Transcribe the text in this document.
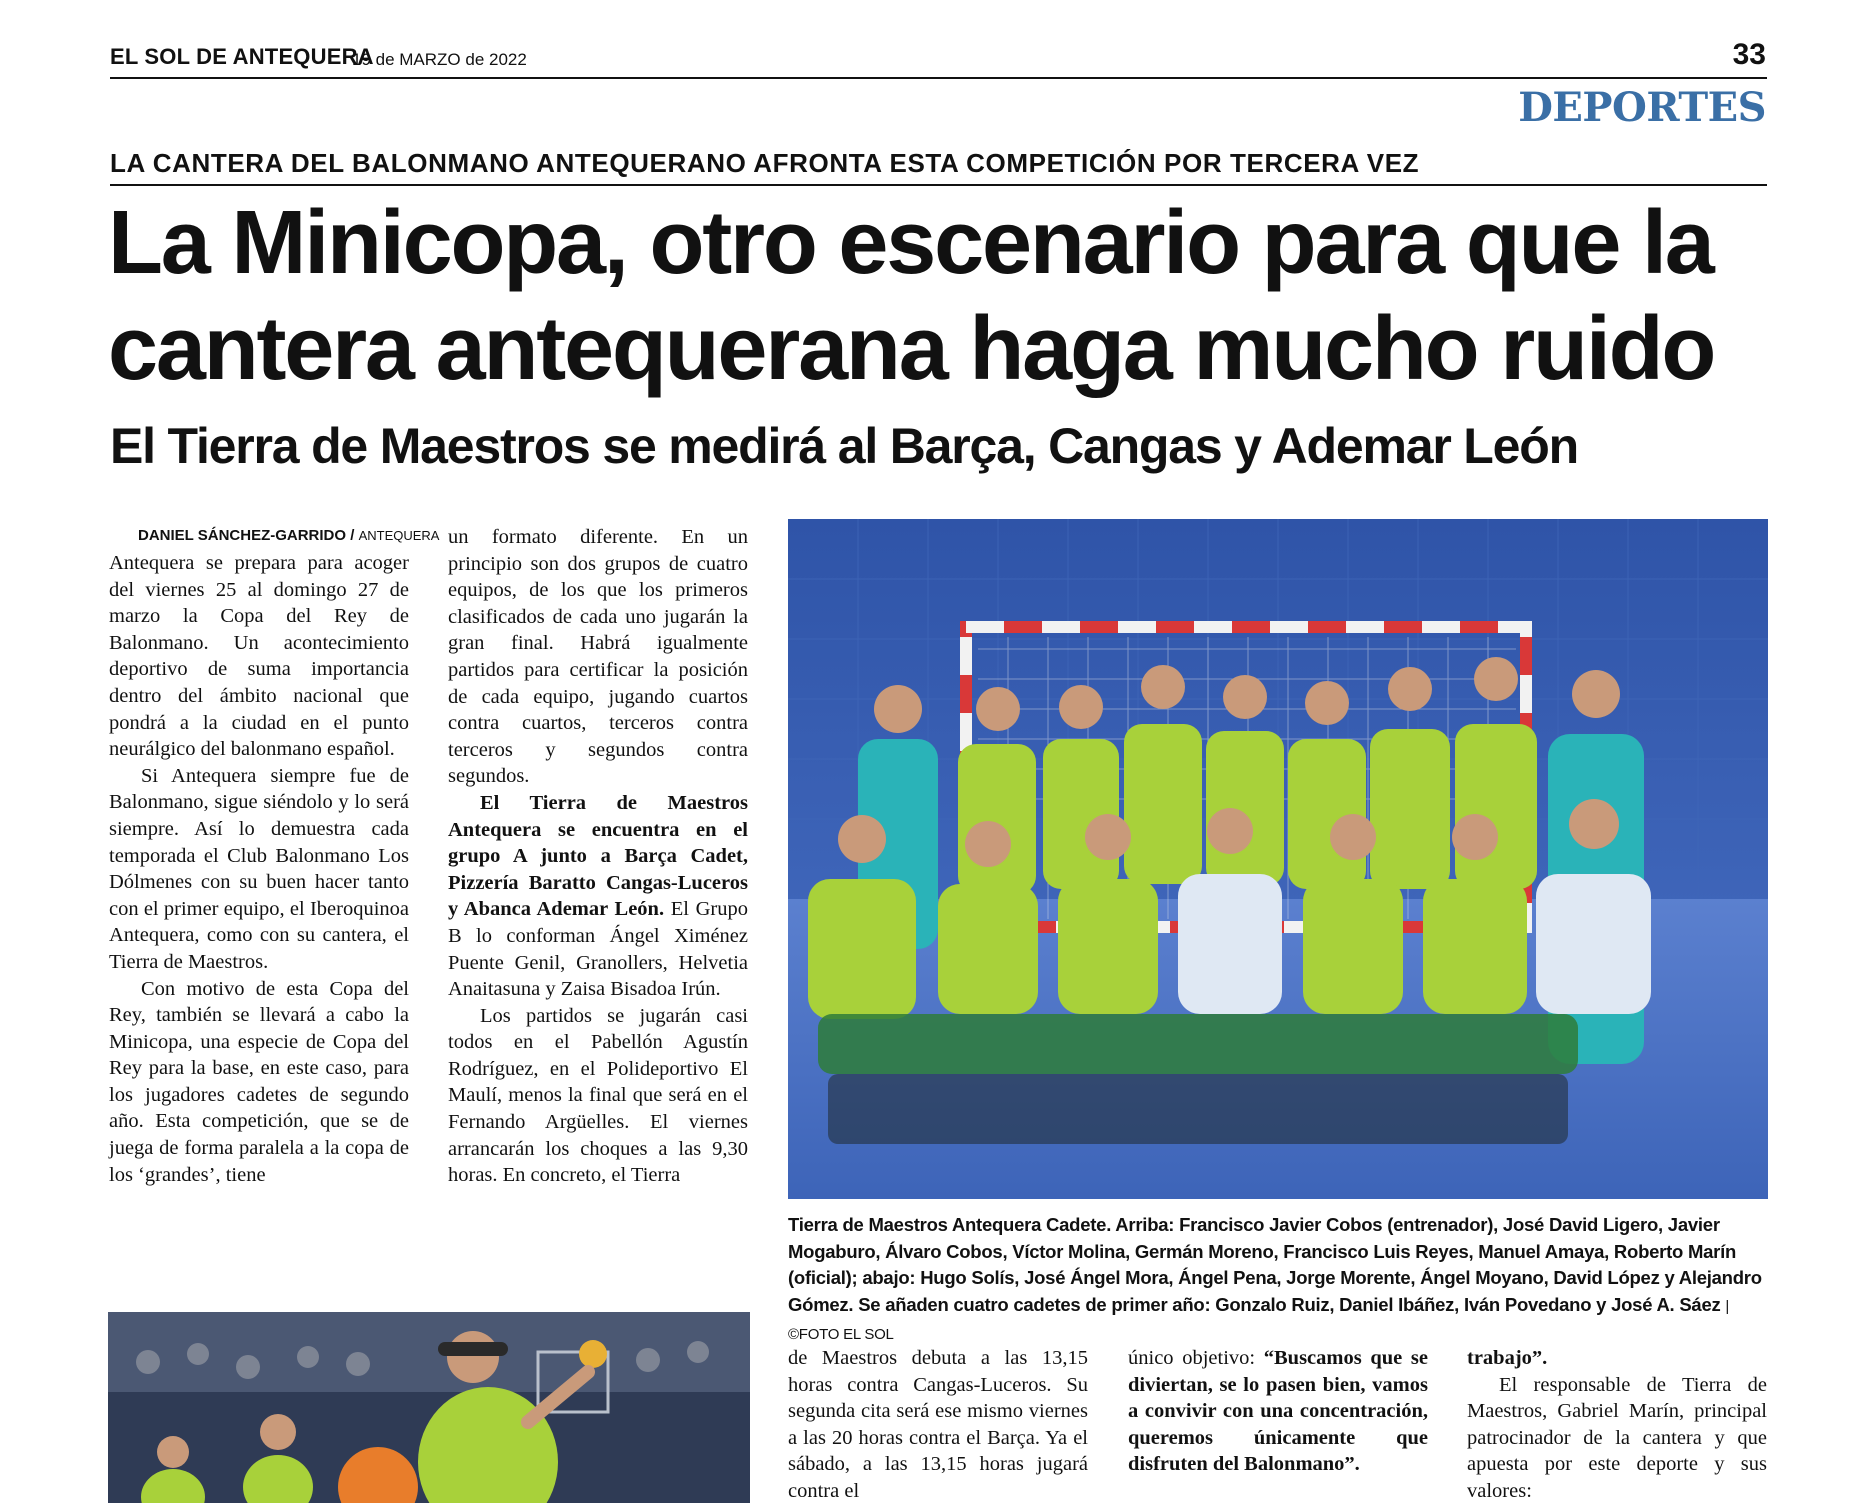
EL SOL DE ANTEQUERA
19 de MARZO de 2022	33
DEPORTES
LA CANTERA DEL BALONMANO ANTEQUERANO AFRONTA ESTA COMPETICIÓN POR TERCERA VEZ
La Minicopa, otro escenario para que la
cantera antequerana haga mucho ruido
El Tierra de Maestros se medirá al Barça, Cangas y Ademar León
DANIEL SÁNCHEZ-GARRIDO / ANTEQUERA

Antequera se prepara para acoger del viernes 25 al domingo 27 de marzo la Copa del Rey de Balonmano. Un acontecimiento deportivo de suma importancia dentro del ámbito nacional que pondrá a la ciudad en el punto neurálgico del balonmano español.

Si Antequera siempre fue de Balonmano, sigue siéndolo y lo será siempre. Así lo demuestra cada temporada el Club Balonmano Los Dólmenes con su buen hacer tanto con el primer equipo, el Iberoquinoa Antequera, como con su cantera, el Tierra de Maestros.

Con motivo de esta Copa del Rey, también se llevará a cabo la Minicopa, una especie de Copa del Rey para la base, en este caso, para los jugadores cadetes de segundo año. Esta competición, que se de juega de forma paralela a la copa de los ‘grandes’, tiene

un formato diferente. En un principio son dos grupos de cuatro equipos, de los que los primeros clasificados de cada uno jugarán la gran final. Habrá igualmente partidos para certificar la posición de cada equipo, jugando cuartos contra cuartos, terceros contra terceros y segundos contra segundos.

El Tierra de Maestros Antequera se encuentra en el grupo A junto a Barça Cadet, Pizzería Baratto Cangas-Luceros y Abanca Ademar León. El Grupo B lo conforman Ángel Ximénez Puente Genil, Granollers, Helvetia Anaitasuna y Zaisa Bisadoa Irún.

Los partidos se jugarán casi todos en el Pabellón Agustín Rodríguez, en el Polideportivo El Maulí, menos la final que será en el Fernando Argüelles. El viernes arrancarán los choques a las 9,30 horas. En concreto, el Tierra

Tierra de Maestros Antequera Cadete. Arriba: Francisco Javier Cobos (entrenador), José David Ligero, Javier Mogaburo, Álvaro Cobos, Víctor Molina, Germán Moreno, Francisco Luis Reyes, Manuel Amaya, Roberto Marín (oficial); abajo: Hugo Solís, José Ángel Mora, Ángel Pena, Jorge Morente, Ángel Moyano, David López y Alejandro Gómez. Se añaden cuatro cadetes de primer año: Gonzalo Ruiz, Daniel Ibáñez, Iván Povedano y José A. Sáez | ©FOTO EL SOL

de Maestros debuta a las 13,15 horas contra Cangas-Luceros. Su segunda cita será ese mismo viernes a las 20 horas contra el Barça. Ya el sábado, a las 13,15 horas jugará contra el

único objetivo: “Buscamos que se diviertan, se lo pasen bien, vamos a convivir con una concentración, queremos únicamente que disfruten del Balonmano”.

trabajo”.

El responsable de Tierra de Maestros, Gabriel Marín, principal patrocinador de la cantera y que apuesta por este deporte y sus valores:
